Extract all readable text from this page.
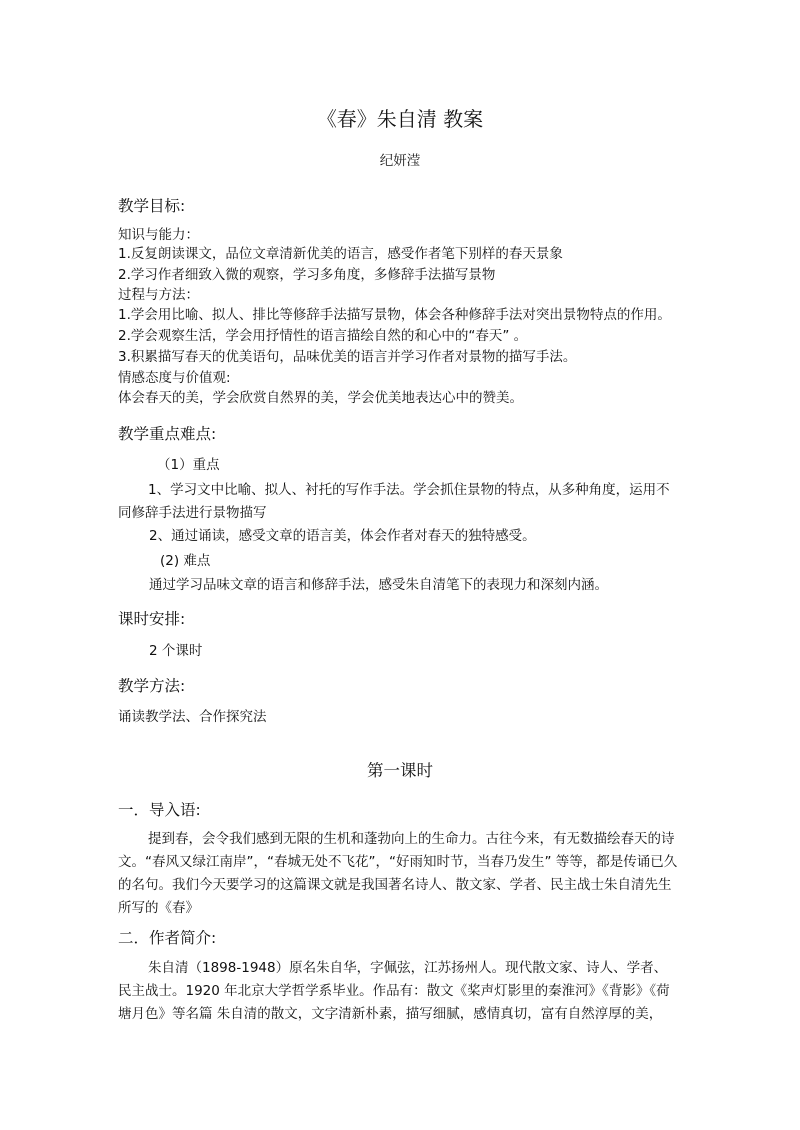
《春》朱自清 教案
纪妍滢
教学目标:
知识与能力：
1.反复朗读课文，品位文章清新优美的语言，感受作者笔下别样的春天景象
2.学习作者细致入微的观察，学习多角度，多修辞手法描写景物
过程与方法：
1.学会用比喻、拟人、排比等修辞手法描写景物，体会各种修辞手法对突出景物特点的作用。
2.学会观察生活，学会用抒情性的语言描绘自然的和心中的“春天” 。
3.积累描写春天的优美语句，品味优美的语言并学习作者对景物的描写手法。
情感态度与价值观:
体会春天的美，学会欣赏自然界的美，学会优美地表达心中的赞美。
教学重点难点:
（1）重点
1、学习文中比喻、拟人、衬托的写作手法。学会抓住景物的特点，从多种角度，运用不同修辞手法进行景物描写
2、通过诵读，感受文章的语言美，体会作者对春天的独特感受。
(2) 难点
通过学习品味文章的语言和修辞手法，感受朱自清笔下的表现力和深刻内涵。
课时安排:
2 个课时
教学方法:
诵读教学法、合作探究法
第一课时
一．导入语:
提到春，会令我们感到无限的生机和蓬勃向上的生命力。古往今来，有无数描绘春天的诗文。“春风又绿江南岸”，“春城无处不飞花”，“好雨知时节，当春乃发生” 等等，都是传诵已久的名句。我们今天要学习的这篇课文就是我国著名诗人、散文家、学者、民主战士朱自清先生所写的《春》
二．作者简介:
朱自清（1898-1948）原名朱自华，字佩弦，江苏扬州人。现代散文家、诗人、学者、民主战士。1920 年北京大学哲学系毕业。作品有：散文《桨声灯影里的秦淮河》《背影》《荷塘月色》等名篇 朱自清的散文，文字清新朴素，描写细腻，感情真切，富有自然淳厚的美，
